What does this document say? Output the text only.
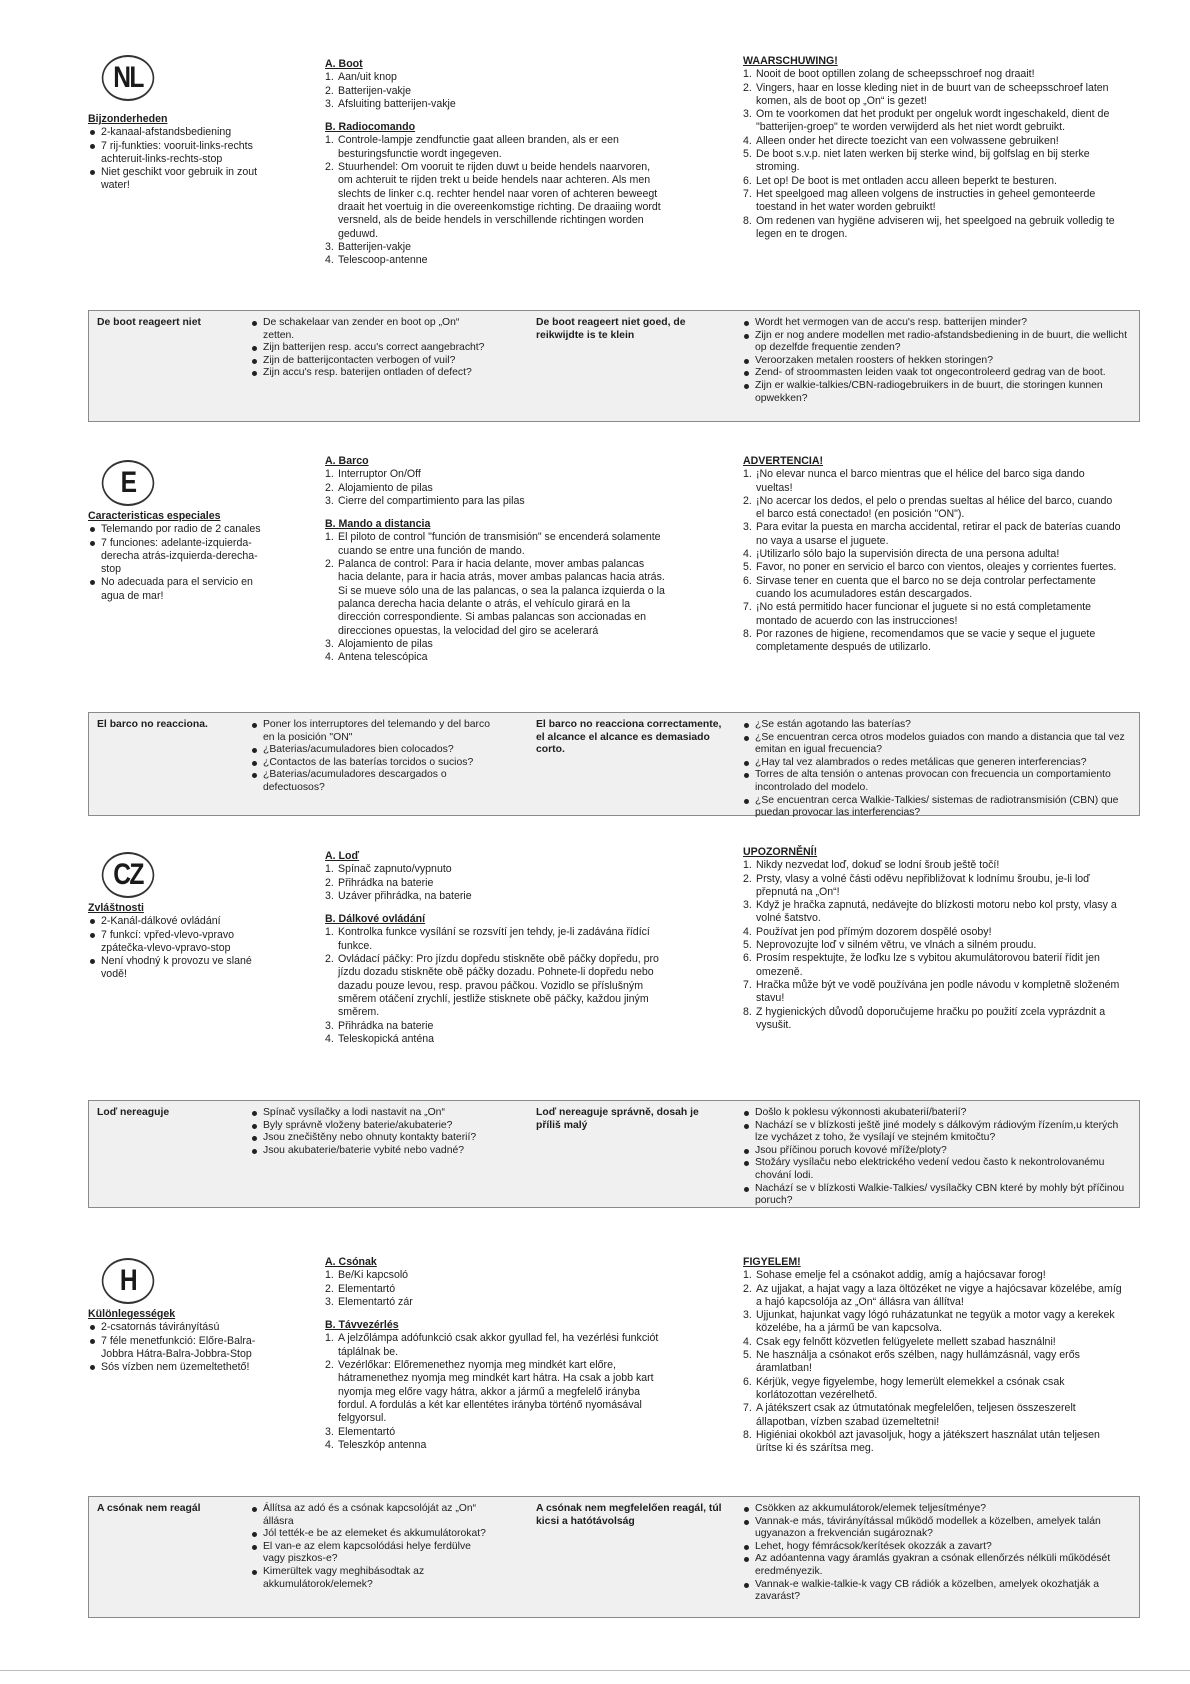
NL
Bijzonderheden
2-kanaal-afstandsbediening
7 rij-funkties: vooruit-links-rechts achteruit-links-rechts-stop
Niet geschikt voor gebruik in zout water!
A. Boot
1. Aan/uit knop
2. Batterijen-vakje
3. Afsluiting batterijen-vakje
B. Radiocomando
1. Controle-lampje zendfunctie gaat alleen branden, als er een besturingsfunctie wordt ingegeven.
2. Stuurhendel: Om vooruit te rijden duwt u beide hendels naarvoren, om achteruit te rijden trekt u beide hendels naar achteren. Als men slechts de linker c.q. rechter hendel naar voren of achteren beweegt draait het voertuig in die overeenkomstige richting. De draaiing wordt versneld, als de beide hendels in verschillende richtingen worden geduwd.
3. Batterijen-vakje
4. Telescoop-antenne
WAARSCHUWING!
1. Nooit de boot optillen zolang de scheepsschroef nog draait!
2. Vingers, haar en losse kleding niet in de buurt van de scheepsschroef laten komen, als de boot op „On“ is gezet!
3. Om te voorkomen dat het produkt per ongeluk wordt ingeschakeld, dient de "batterijen-groep" te worden verwijderd als het niet wordt gebruikt.
4. Alleen onder het directe toezicht van een volwassene gebruiken!
5. De boot s.v.p. niet laten werken bij sterke wind, bij golfslag en bij sterke stroming.
6. Let op! De boot is met ontladen accu alleen beperkt te besturen.
7. Het speelgoed mag alleen volgens de instructies in geheel gemonteerde toestand in het water worden gebruikt!
8. Om redenen van hygiëne adviseren wij, het speelgoed na gebruik volledig te legen en te drogen.
De boot reageert niet	De schakelaar van zender en boot op „On“ zetten.
Zijn batterijen resp. accu's correct aangebracht?
Zijn de batterijcontacten verbogen of vuil?
Zijn accu's resp. baterijen ontladen of defect?
De boot reageert niet goed, de reikwijdte is te klein
Wordt het vermogen van de accu's resp. batterijen minder?
Zijn er nog andere modellen met radio-afstandsbediening in de buurt, die wellicht op dezelfde frequentie zenden?
Veroorzaken metalen roosters of hekken storingen?
Zend- of stroommasten leiden vaak tot ongecontroleerd gedrag van de boot.
Zijn er walkie-talkies/CBN-radiogebruikers in de buurt, die storingen kunnen opwekken?
E
Caracteristicas especiales
Telemando por radio de 2 canales
7 funciones: adelante-izquierda-derecha atrás-izquierda-derecha-stop
No adecuada para el servicio en agua de mar!
A. Barco
1. Interruptor On/Off
2. Alojamiento de pilas
3. Cierre del compartimiento para las pilas
B. Mando a distancia
1. El piloto de control "función de transmisión" se encenderá solamente cuando se entre una función de mando.
2. Palanca de control: Para ir hacia delante, mover ambas palancas hacia delante, para ir hacia atrás, mover ambas palancas hacia atrás. Si se mueve sólo una de las palancas, o sea la palanca izquierda o la palanca derecha hacia delante o atrás, el vehículo girará en la dirección correspondiente. Si ambas palancas son accionadas en direcciones opuestas, la velocidad del giro se acelerará
3. Alojamiento de pilas
4. Antena telescópica
ADVERTENCIA!
1. ¡No elevar nunca el barco mientras que el hélice del barco siga dando vueltas!
2. ¡No acercar los dedos, el pelo o prendas sueltas al hélice del barco, cuando el barco está conectado! (en posición "ON").
3. Para evitar la puesta en marcha accidental, retirar el pack de baterías cuando no vaya a usarse el juguete.
4. ¡Utilizarlo sólo bajo la supervisión directa de una persona adulta!
5. Favor, no poner en servicio el barco con vientos, oleajes y corrientes fuertes.
6. Sirvase tener en cuenta que el barco no se deja controlar perfectamente cuando los acumuladores están descargados.
7. ¡No está permitido hacer funcionar el juguete si no está completamente montado de acuerdo con las instrucciones!
8. Por razones de higiene, recomendamos que se vacie y seque el juguete completamente después de utilizarlo.
El barco no reacciona.	Poner los interruptores del telemando y del barco en la posición "ON"
¿Baterias/acumuladores bien colocados?
¿Contactos de las baterías torcidos o sucios?
¿Baterias/acumuladores descargados o defectuosos?
El barco no reacciona correctamente, el alcance el alcance es demasiado corto.
¿Se están agotando las baterías?
¿Se encuentran cerca otros modelos guiados con mando a distancia que tal vez emitan en igual frecuencia?
¿Hay tal vez alambrados o redes metálicas que generen interferencias?
Torres de alta tensión o antenas provocan con frecuencia un comportamiento incontrolado del modelo.
¿Se encuentran cerca Walkie-Talkies/ sistemas de radiotransmisión (CBN) que puedan provocar las interferencias?
CZ
Zvláštnosti
2-Kanál-dálkové ovládání
7 funkcí: vpřed-vlevo-vpravo zpátečka-vlevo-vpravo-stop
Není vhodný k provozu ve slané vodě!
A. Loď
1. Spínač zapnuto/vypnuto
2. Přihrádka na baterie
3. Uzáver přihrádka, na baterie
B. Dálkové ovládání
1. Kontrolka funkce vysílání se rozsvítí jen tehdy, je-li zadávána řídící funkce.
2. Ovládací páčky: Pro jízdu dopředu stiskněte obě páčky dopředu, pro jízdu dozadu stiskněte obě páčky dozadu. Pohnete-li dopředu nebo dazadu pouze levou, resp. pravou páčkou. Vozidlo se příslušným směrem otáčení zrychlí, jestliže stisknete obě páčky, každou jiným směrem.
3. Přihrádka na baterie
4. Teleskopická anténa
UPOZORNĚNÍ!
1. Nikdy nezvedat loď, dokuď se lodní šroub ještě točí!
2. Prsty, vlasy a volné části oděvu nepřibližovat k lodnímu šroubu, je-li loď přepnutá na „On“!
3. Když je hračka zapnutá, nedávejte do blízkosti motoru nebo kol prsty, vlasy a volné šatstvo.
4. Používat jen pod přímým dozorem dospělé osoby!
5. Neprovozujte loď v silném větru, ve vlnách a silném proudu.
6. Prosím respektujte, že loďku lze s vybitou akumulátorovou baterií řídit jen omezeně.
7. Hračka může být ve vodě používána jen podle návodu v kompletně složeném stavu!
8. Z hygienických důvodů doporučujeme hračku po použití zcela vyprázdnit a vysušit.
Loď nereaguje	Spínač vysílačky a lodi nastavit na „On“
Byly správně vloženy baterie/akubaterie?
Jsou znečištěny nebo ohnuty kontakty baterií?
Jsou akubaterie/baterie vybité nebo vadné?
Loď nereaguje správně, dosah je příliš malý
Došlo k poklesu výkonnosti akubaterií/baterií?
Nachází se v blízkosti ještě jiné modely s dálkovým rádiovým řízením,u kterých lze vycházet z toho, že vysílají ve stejném kmitočtu?
Jsou příčinou poruch kovové mříže/ploty?
Stožáry vysílaču nebo elektrického vedení vedou často k nekontrolovanému chování lodi.
Nachází se v blízkosti Walkie-Talkies/ vysílačky CBN které by mohly být příčinou poruch?
H
Különlegességek
2-csatornás távirányítású
7 féle menetfunkció: Előre-Balra-Jobbra Hátra-Balra-Jobbra-Stop
Sós vízben nem üzemeltethető!
A. Csónak
1. Be/Ki kapcsoló
2. Elementartó
3. Elementartó zár
B. Távvezérlés
1. A jelzőlámpa adófunkció csak akkor gyullad fel, ha vezérlési funkciót táplálnak be.
2. Vezérlőkar: Előremenethez nyomja meg mindkét kart előre, hátramenethez nyomja meg mindkét kart hátra. Ha csak a jobb kart nyomja meg előre vagy hátra, akkor a jármű a megfelelő irányba fordul. A fordulás a két kar ellentétes irányba történő nyomásával felgyorsul.
3. Elementartó
4. Teleszkóp antenna
FIGYELEM!
1. Sohase emelje fel a csónakot addig, amíg a hajócsavar forog!
2. Az ujjakat, a hajat vagy a laza öltözéket ne vigye a hajócsavar közelébe, amíg a hajó kapcsolója az „On“ állásra van állítva!
3. Ujjunkat, hajunkat vagy lógó ruházatunkat ne tegyük a motor vagy a kerekek közelébe, ha a jármű be van kapcsolva.
4. Csak egy felnőtt közvetlen felügyelete mellett szabad használni!
5. Ne használja a csónakot erős szélben, nagy hullámzásnál, vagy erős áramlatban!
6. Kérjük, vegye figyelembe, hogy lemerült elemekkel a csónak csak korlátozottan vezérelhető.
7. A játékszert csak az útmutatónak megfelelően, teljesen összeszerelt állapotban, vízben szabad üzemeltetni!
8. Higiéniai okokból azt javasoljuk, hogy a játékszert használat után teljesen ürítse ki és szárítsa meg.
A csónak nem reagál	Állítsa az adó és a csónak kapcsolóját az „On“ állásra
Jól tették-e be az elemeket és akkumulátorokat?
El van-e az elem kapcsolódási helye ferdülve vagy piszkos-e?
Kimerültek vagy meghibásodtak az akkumulátorok/elemek?
A csónak nem megfelelően reagál, túl kicsi a hatótávolság
Csökken az akkumulátorok/elemek teljesítménye?
Vannak-e más, távirányítással működő modellek a közelben, amelyek talán ugyanazon a frekvencián sugároznak?
Lehet, hogy fémrácsok/kerítések okozzák a zavart?
Az adóantenna vagy áramlás gyakran a csónak ellenőrzés nélküli működését eredményezik.
Vannak-e walkie-talkie-k vagy CB rádiók a közelben, amelyek okozhatják a zavarást?
